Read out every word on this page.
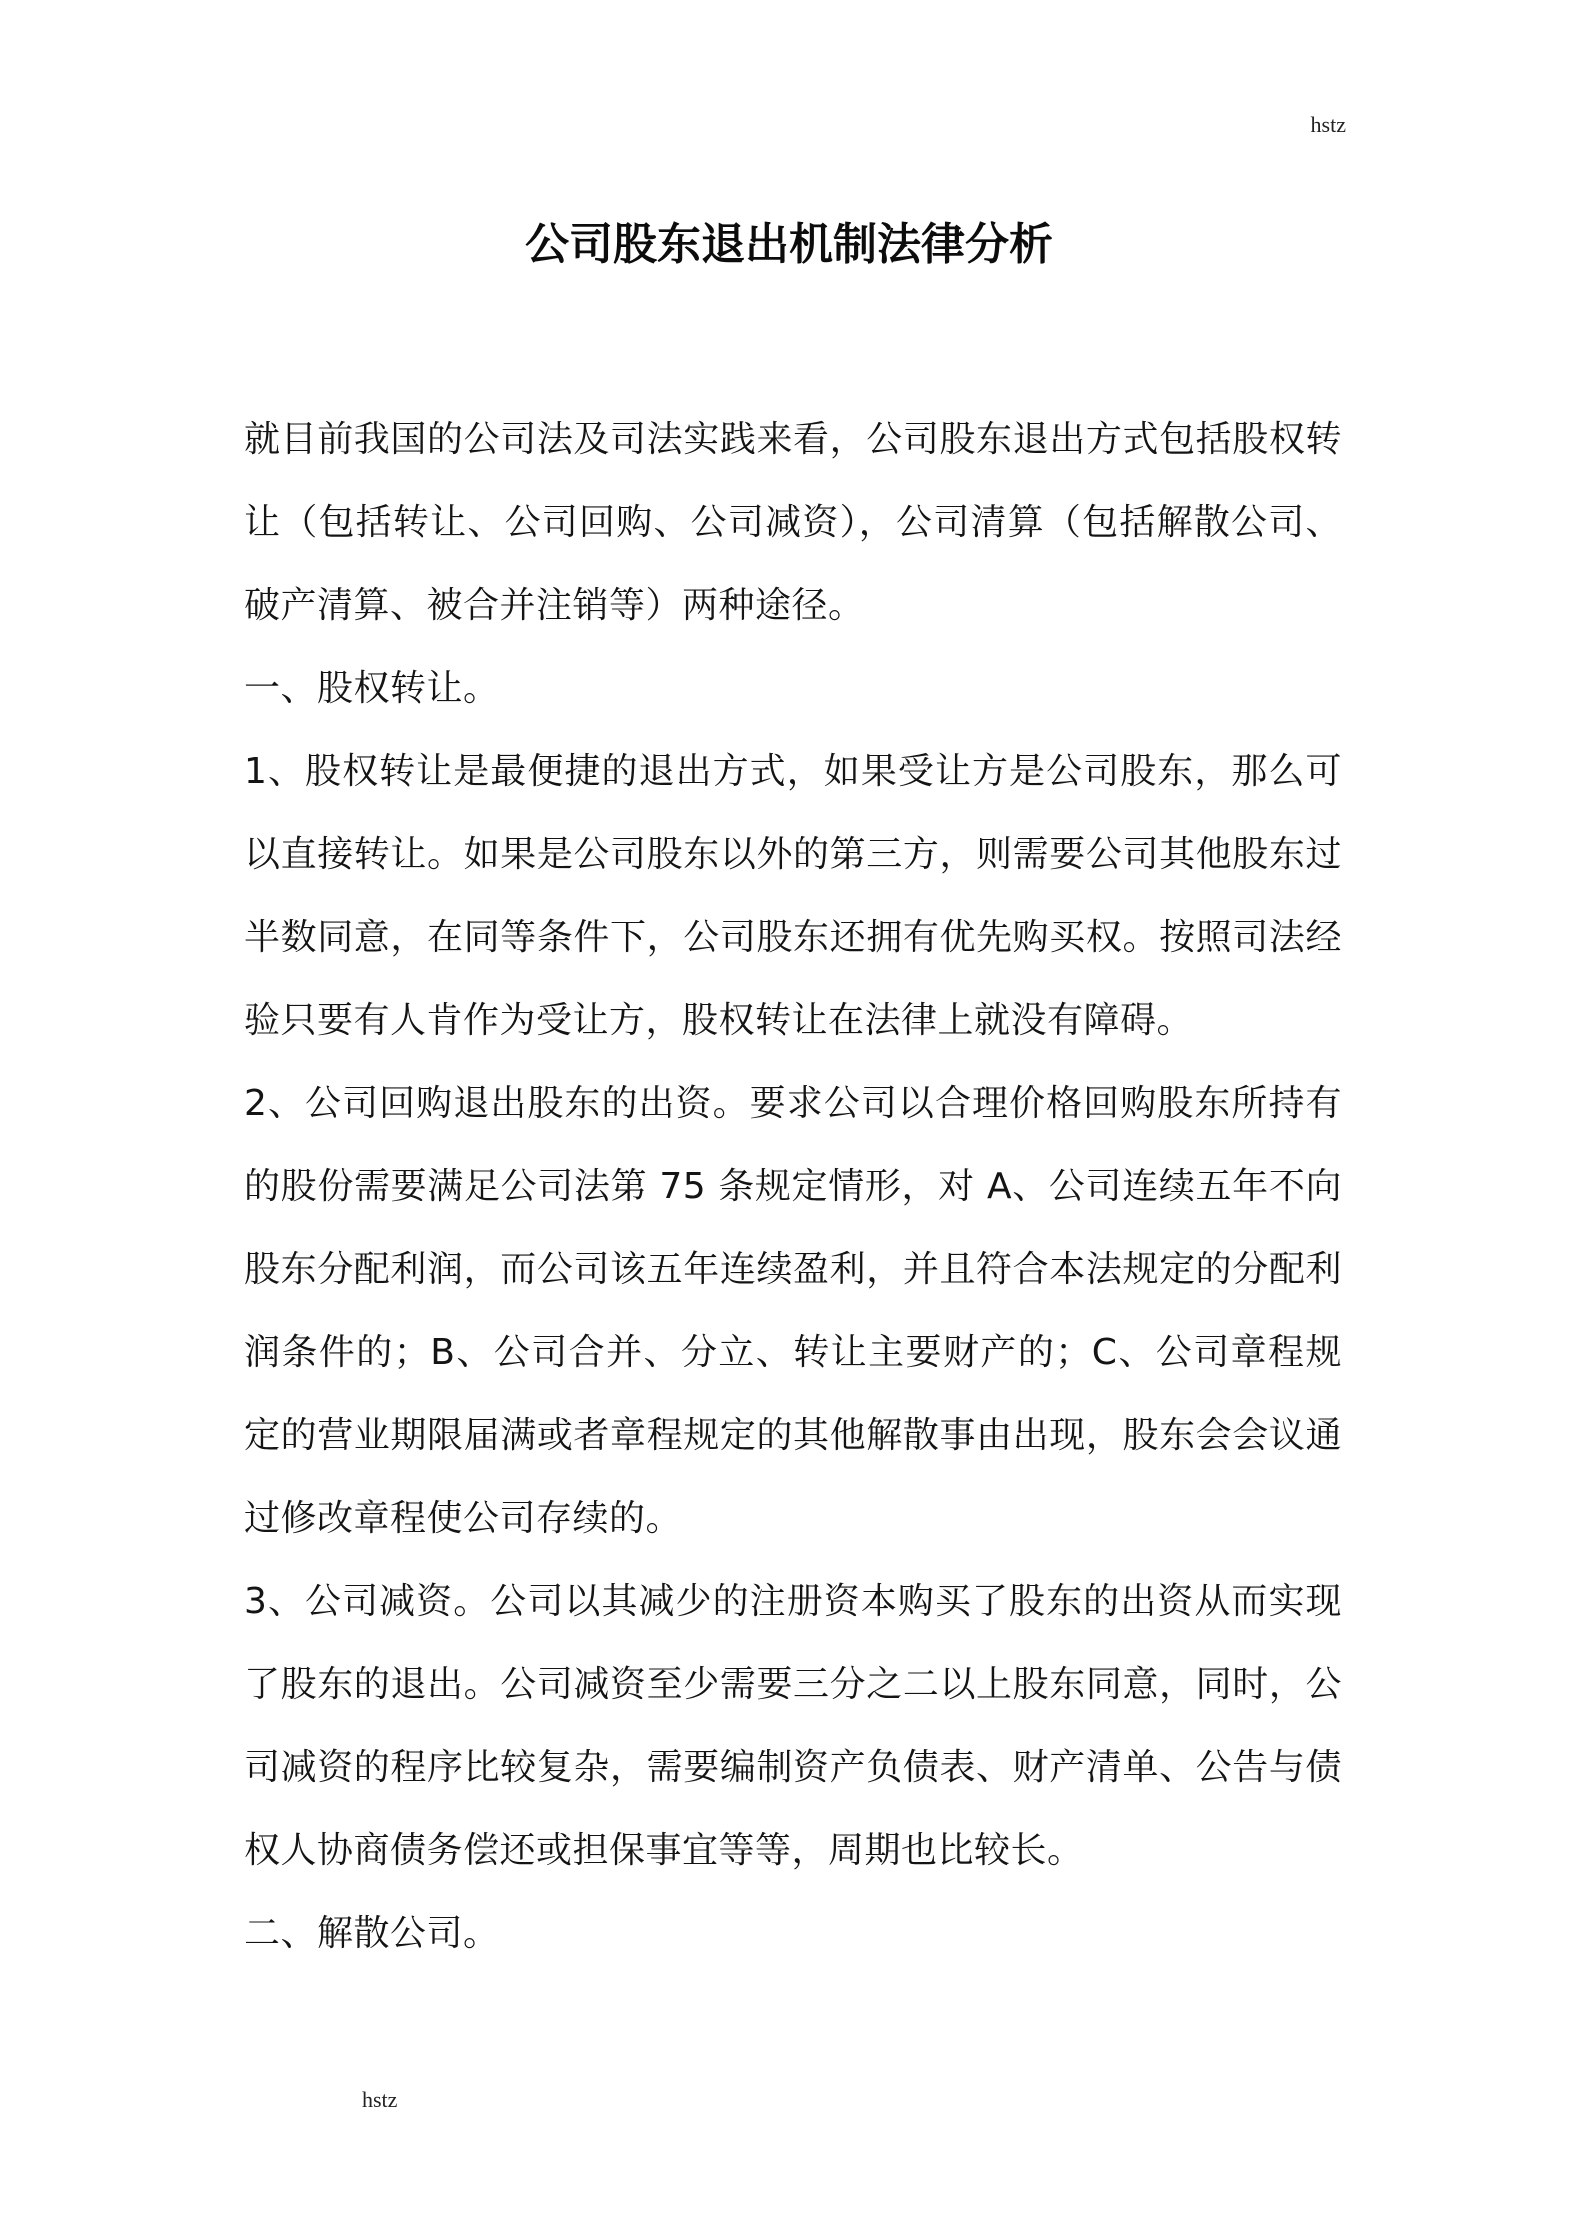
hstz
公司股东退出机制法律分析

就目前我国的公司法及司法实践来看，公司股东退出方式包括股权转让（包括转让、公司回购、公司减资），公司清算（包括解散公司、破产清算、被合并注销等）两种途径。

一、股权转让。

1、股权转让是最便捷的退出方式，如果受让方是公司股东，那么可以直接转让。如果是公司股东以外的第三方，则需要公司其他股东过半数同意，在同等条件下，公司股东还拥有优先购买权。按照司法经验只要有人肯作为受让方，股权转让在法律上就没有障碍。

2、公司回购退出股东的出资。要求公司以合理价格回购股东所持有的股份需要满足公司法第 75 条规定情形，对 A、公司连续五年不向股东分配利润，而公司该五年连续盈利，并且符合本法规定的分配利润条件的；B、公司合并、分立、转让主要财产的；C、公司章程规定的营业期限届满或者章程规定的其他解散事由出现，股东会会议通过修改章程使公司存续的。

3、公司减资。公司以其减少的注册资本购买了股东的出资从而实现了股东的退出。公司减资至少需要三分之二以上股东同意，同时，公司减资的程序比较复杂，需要编制资产负债表、财产清单、公告与债权人协商债务偿还或担保事宜等等，周期也比较长。

二、解散公司。

hstz
